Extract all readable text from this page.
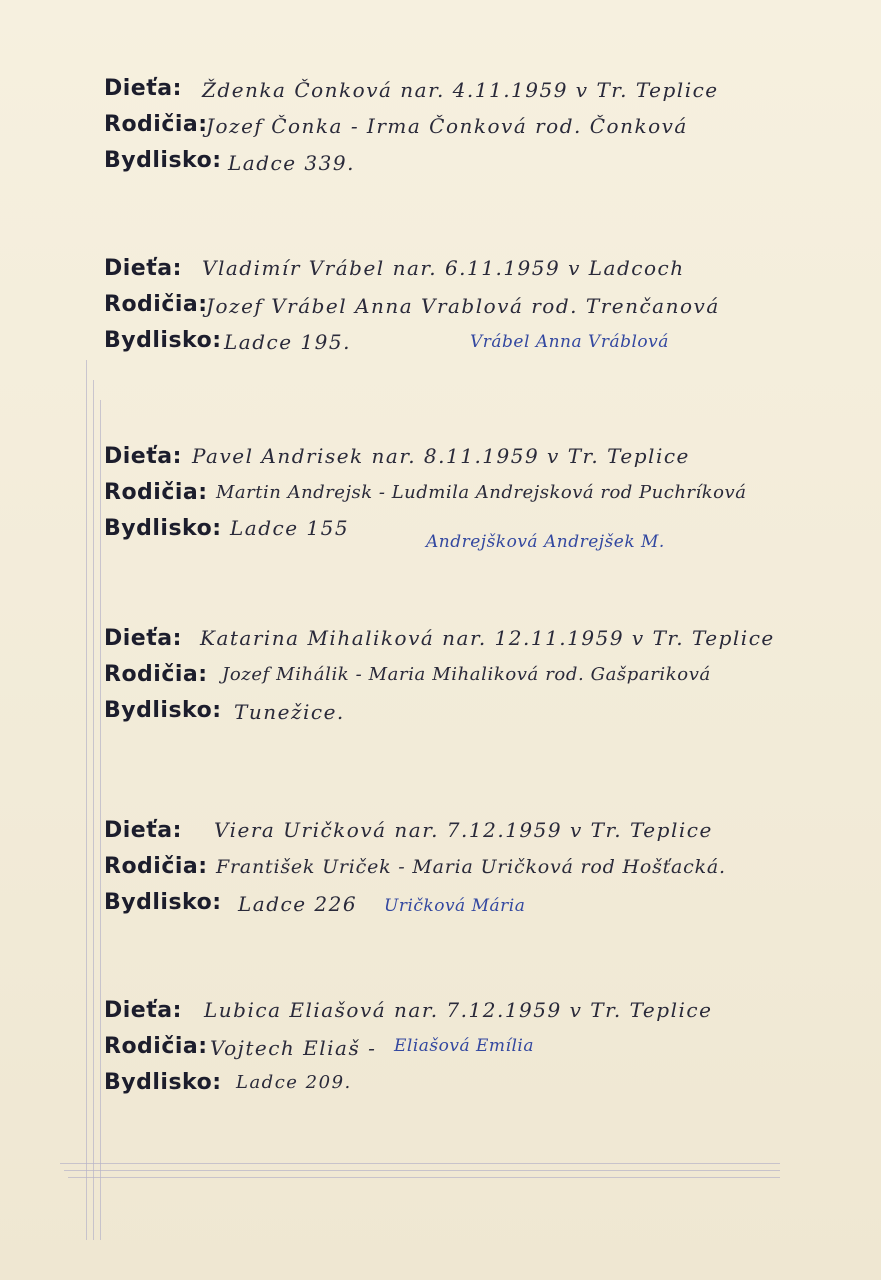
Dieťa: Ždenka Čonková nar. 4.11.1959 v Tr. Teplice
Rodičia:
Jozef Čonka - Irma Čonková rod. Čonková
Bydlisko: Ladce 339.
Dieťa: Vladimír Vrábel nar. 6.11.1959 v Ladcoch
Rodičia:
Jozef Vrábel Anna Vrablová rod. Trenčanová
Bydlisko: Ladce 195.	Vrábel Anna Vráblová
Dieťa: Pavel Andrisek nar. 8.11.1959 v Tr. Teplice
Rodičia: Martin Andrejsk - Ludmila Andrejsková rod Puchríková
Bydlisko: Ladce 155
Andrejšková Andrejšek M.
Dieťa: Katarina Mihaliková nar. 12.11.1959 v Tr. Teplice
Rodičia: Jozef Mihálik - Maria Mihaliková rod. Gašpariková
Bydlisko: Tunežice.
Dieťa: Viera Uričková nar. 7.12.1959 v Tr. Teplice
Rodičia: František Uriček - Maria Uričková rod Hošťacká.
Bydlisko: Ladce 226 Uričková Mária
Dieťa: Lubica Eliašová nar. 7.12.1959 v Tr. Teplice
Rodičia: Vojtech Eliaš - Eliašová Emília
Bydlisko: Ladce 209.
